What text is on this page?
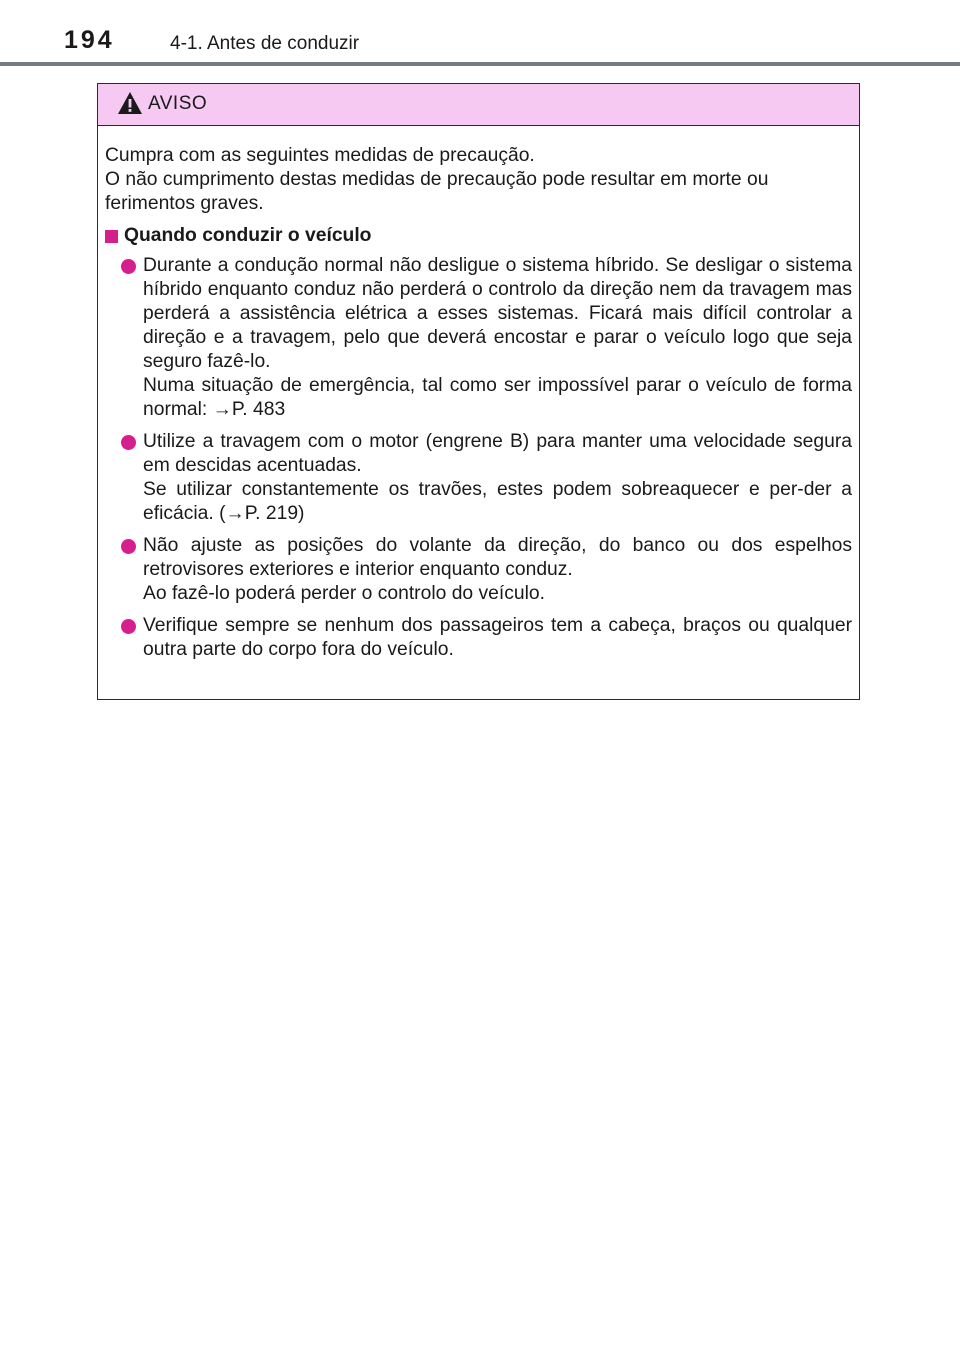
194	4-1. Antes de conduzir
AVISO

Cumpra com as seguintes medidas de precaução.

O não cumprimento destas medidas de precaução pode resultar em morte ou ferimentos graves.

Quando conduzir o veículo

Durante a condução normal não desligue o sistema híbrido. Se desligar o sistema híbrido enquanto conduz não perderá o controlo da direção nem da travagem mas perderá a assistência elétrica a esses sistemas. Ficará mais difícil controlar a direção e a travagem, pelo que deverá encostar e parar o veículo logo que seja seguro fazê-lo.

Numa situação de emergência, tal como ser impossível parar o veículo de forma normal: →P. 483

Utilize a travagem com o motor (engrene B) para manter uma velocidade segura em descidas acentuadas.

Se utilizar constantemente os travões, estes podem sobreaquecer e per-der a eficácia. (→P. 219)

Não ajuste as posições do volante da direção, do banco ou dos espelhos retrovisores exteriores e interior enquanto conduz.

Ao fazê-lo poderá perder o controlo do veículo.

Verifique sempre se nenhum dos passageiros tem a cabeça, braços ou qualquer outra parte do corpo fora do veículo.
